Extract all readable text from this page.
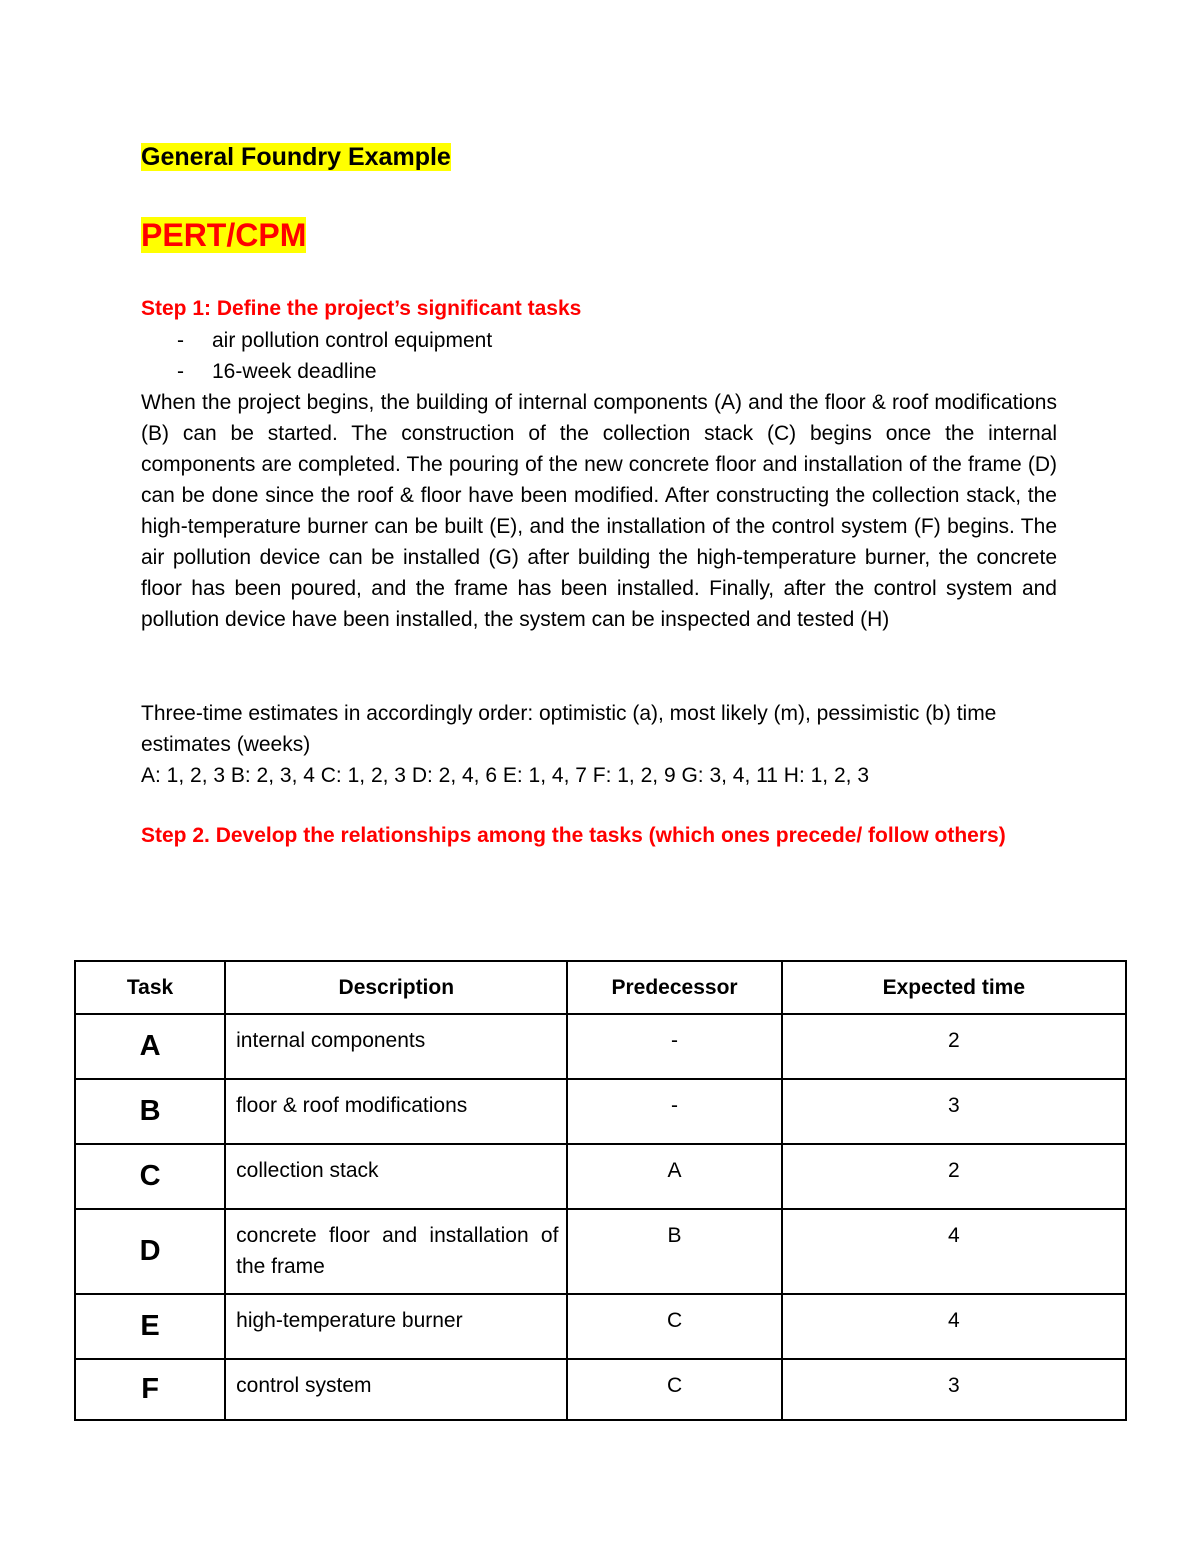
General Foundry Example
PERT/CPM
Step 1: Define the project’s significant tasks
- air pollution control equipment
- 16-week deadline

When the project begins, the building of internal components (A) and the floor & roof modifications (B) can be started. The construction of the collection stack (C) begins once the internal components are completed. The pouring of the new concrete floor and installation of the frame (D) can be done since the roof & floor have been modified. After constructing the collection stack, the high-temperature burner can be built (E), and the installation of the control system (F) begins. The air pollution device can be installed (G) after building the high-temperature burner, the concrete floor has been poured, and the frame has been installed. Finally, after the control system and pollution device have been installed, the system can be inspected and tested (H)

Three-time estimates in accordingly order: optimistic (a), most likely (m), pessimistic (b) time estimates (weeks)

A: 1, 2, 3 B: 2, 3, 4 C: 1, 2, 3 D: 2, 4, 6 E: 1, 4, 7 F: 1, 2, 9 G: 3, 4, 11 H: 1, 2, 3

Step 2. Develop the relationships among the tasks (which ones precede/ follow others)
Task	Description	Predecessor	Expected time
A	internal components	-	2
B	floor & roof modifications	-	3
C	collection stack	A	2
D	concrete floor and installation of the frame	B	4
E	high-temperature burner	C	4
F	control system	C	3
